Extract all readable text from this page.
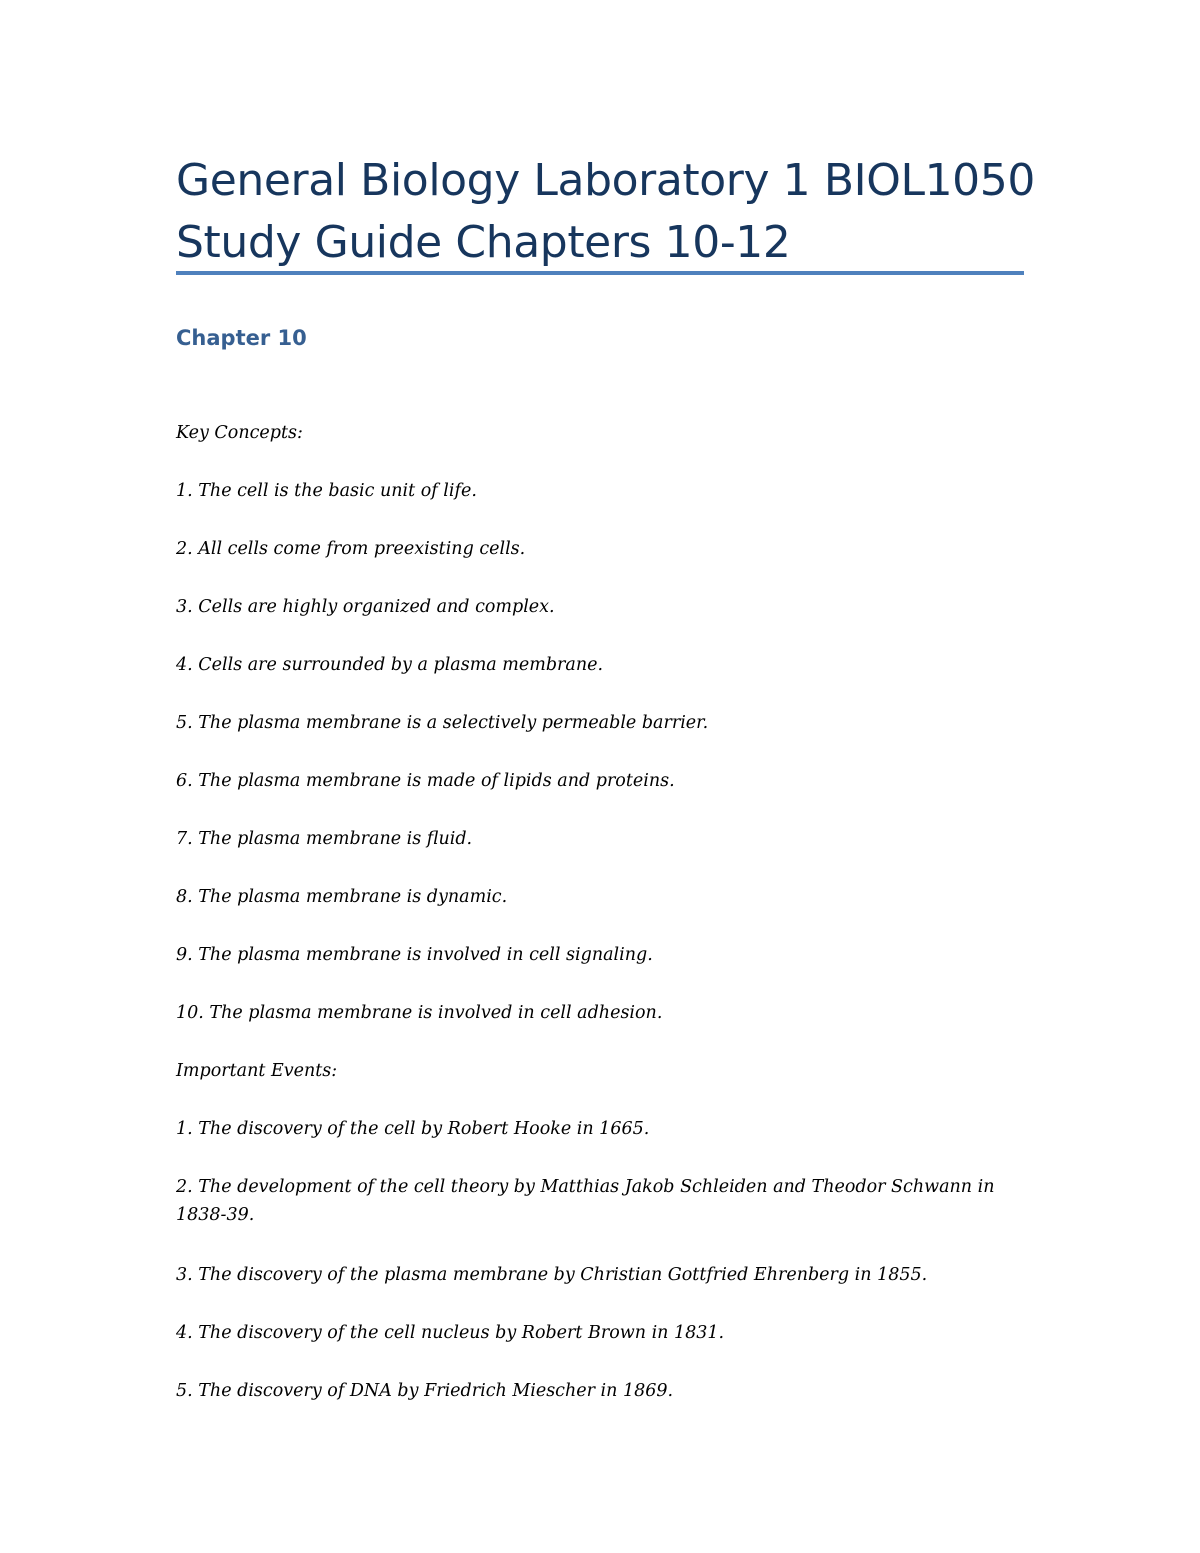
General Biology Laboratory 1 BIOL1050
Study Guide Chapters 10-12
Chapter 10

Key Concepts:

1. The cell is the basic unit of life.

2. All cells come from preexisting cells.

3. Cells are highly organized and complex.

4. Cells are surrounded by a plasma membrane.

5. The plasma membrane is a selectively permeable barrier.

6. The plasma membrane is made of lipids and proteins.

7. The plasma membrane is fluid.

8. The plasma membrane is dynamic.

9. The plasma membrane is involved in cell signaling.

10. The plasma membrane is involved in cell adhesion.

Important Events:

1. The discovery of the cell by Robert Hooke in 1665.

2. The development of the cell theory by Matthias Jakob Schleiden and Theodor Schwann in 1838-39.

3. The discovery of the plasma membrane by Christian Gottfried Ehrenberg in 1855.

4. The discovery of the cell nucleus by Robert Brown in 1831.

5. The discovery of DNA by Friedrich Miescher in 1869.
